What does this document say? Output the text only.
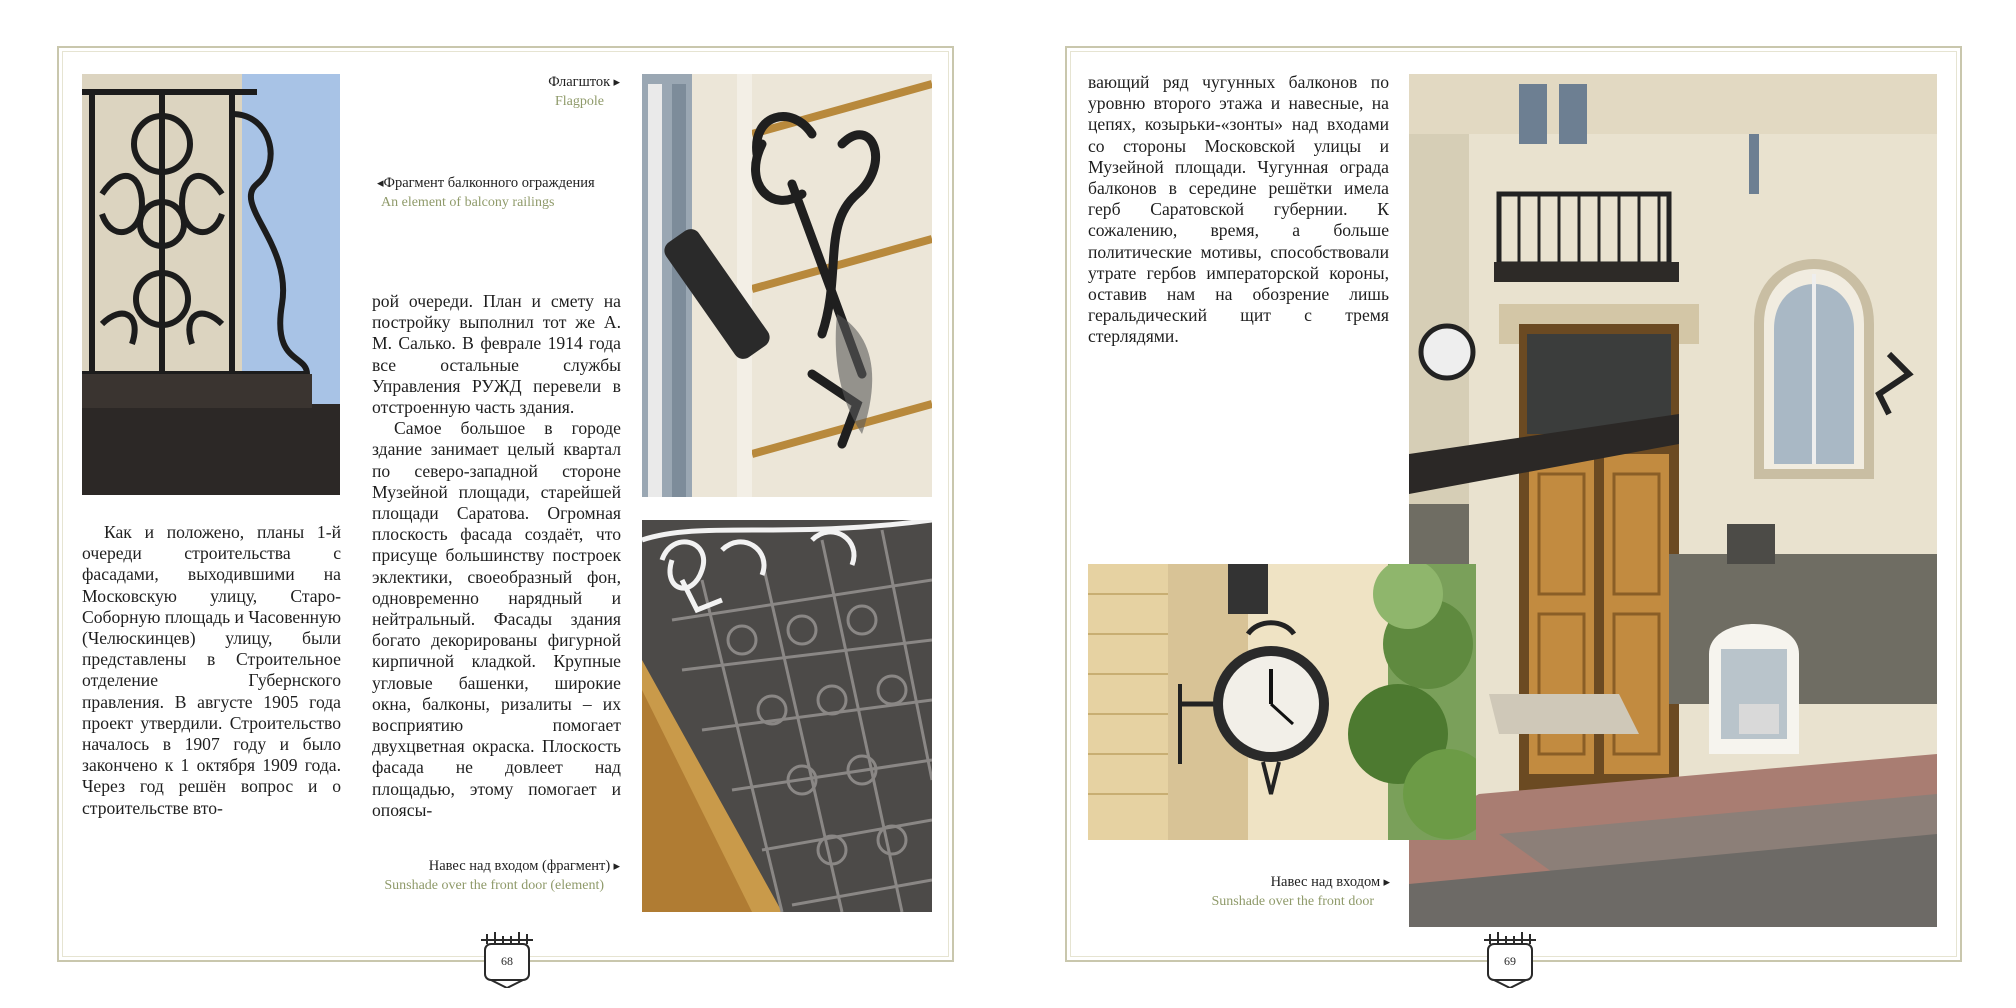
Флагшток ▸
Flagpole
◂ Фрагмент балконного ограждения
An element of balcony railings
Навес над входом (фрагмент) ▸
Sunshade over the front door (element)

Как и положено, планы 1-й очереди строительства с фасадами, выходившими на Московскую улицу, Старо-Соборную площадь и Часовенную (Челюскинцев) улицу, были представлены в Строительное отделение Губернского правления. В августе 1905 года проект утвердили. Строительство началось в 1907 году и было закончено к 1 октября 1909 года. Через год решён вопрос и о строительстве вто-

рой очереди. План и смету на постройку выполнил тот же А. М. Салько. В феврале 1914 года все остальные службы Управления РУЖД перевели в отстроенную часть здания.

Самое большое в городе здание занимает целый квартал по северо-западной стороне Музейной площади, старейшей площади Саратова. Огромная плоскость фасада создаёт, что присуще большинству построек эклектики, своеобразный фон, одновременно нарядный и нейтральный. Фасады здания богато декорированы фигурной кирпичной кладкой. Крупные угловые башенки, широкие окна, балконы, ризалиты – их восприятию помогает двухцветная окраска. Плоскость фасада не довлеет над площадью, этому помогает и опоясы-

68

вающий ряд чугунных балконов по уровню второго этажа и навесные, на цепях, козырьки-«зонты» над входами со стороны Московской улицы и Музейной площади. Чугунная ограда балконов в середине решётки имела герб Саратовской губернии. К сожалению, время, а больше политические мотивы, способствовали утрате гербов императорской короны, оставив нам на обозрение лишь геральдический щит с тремя стерлядями.

Навес над входом ▸
Sunshade over the front door
69
